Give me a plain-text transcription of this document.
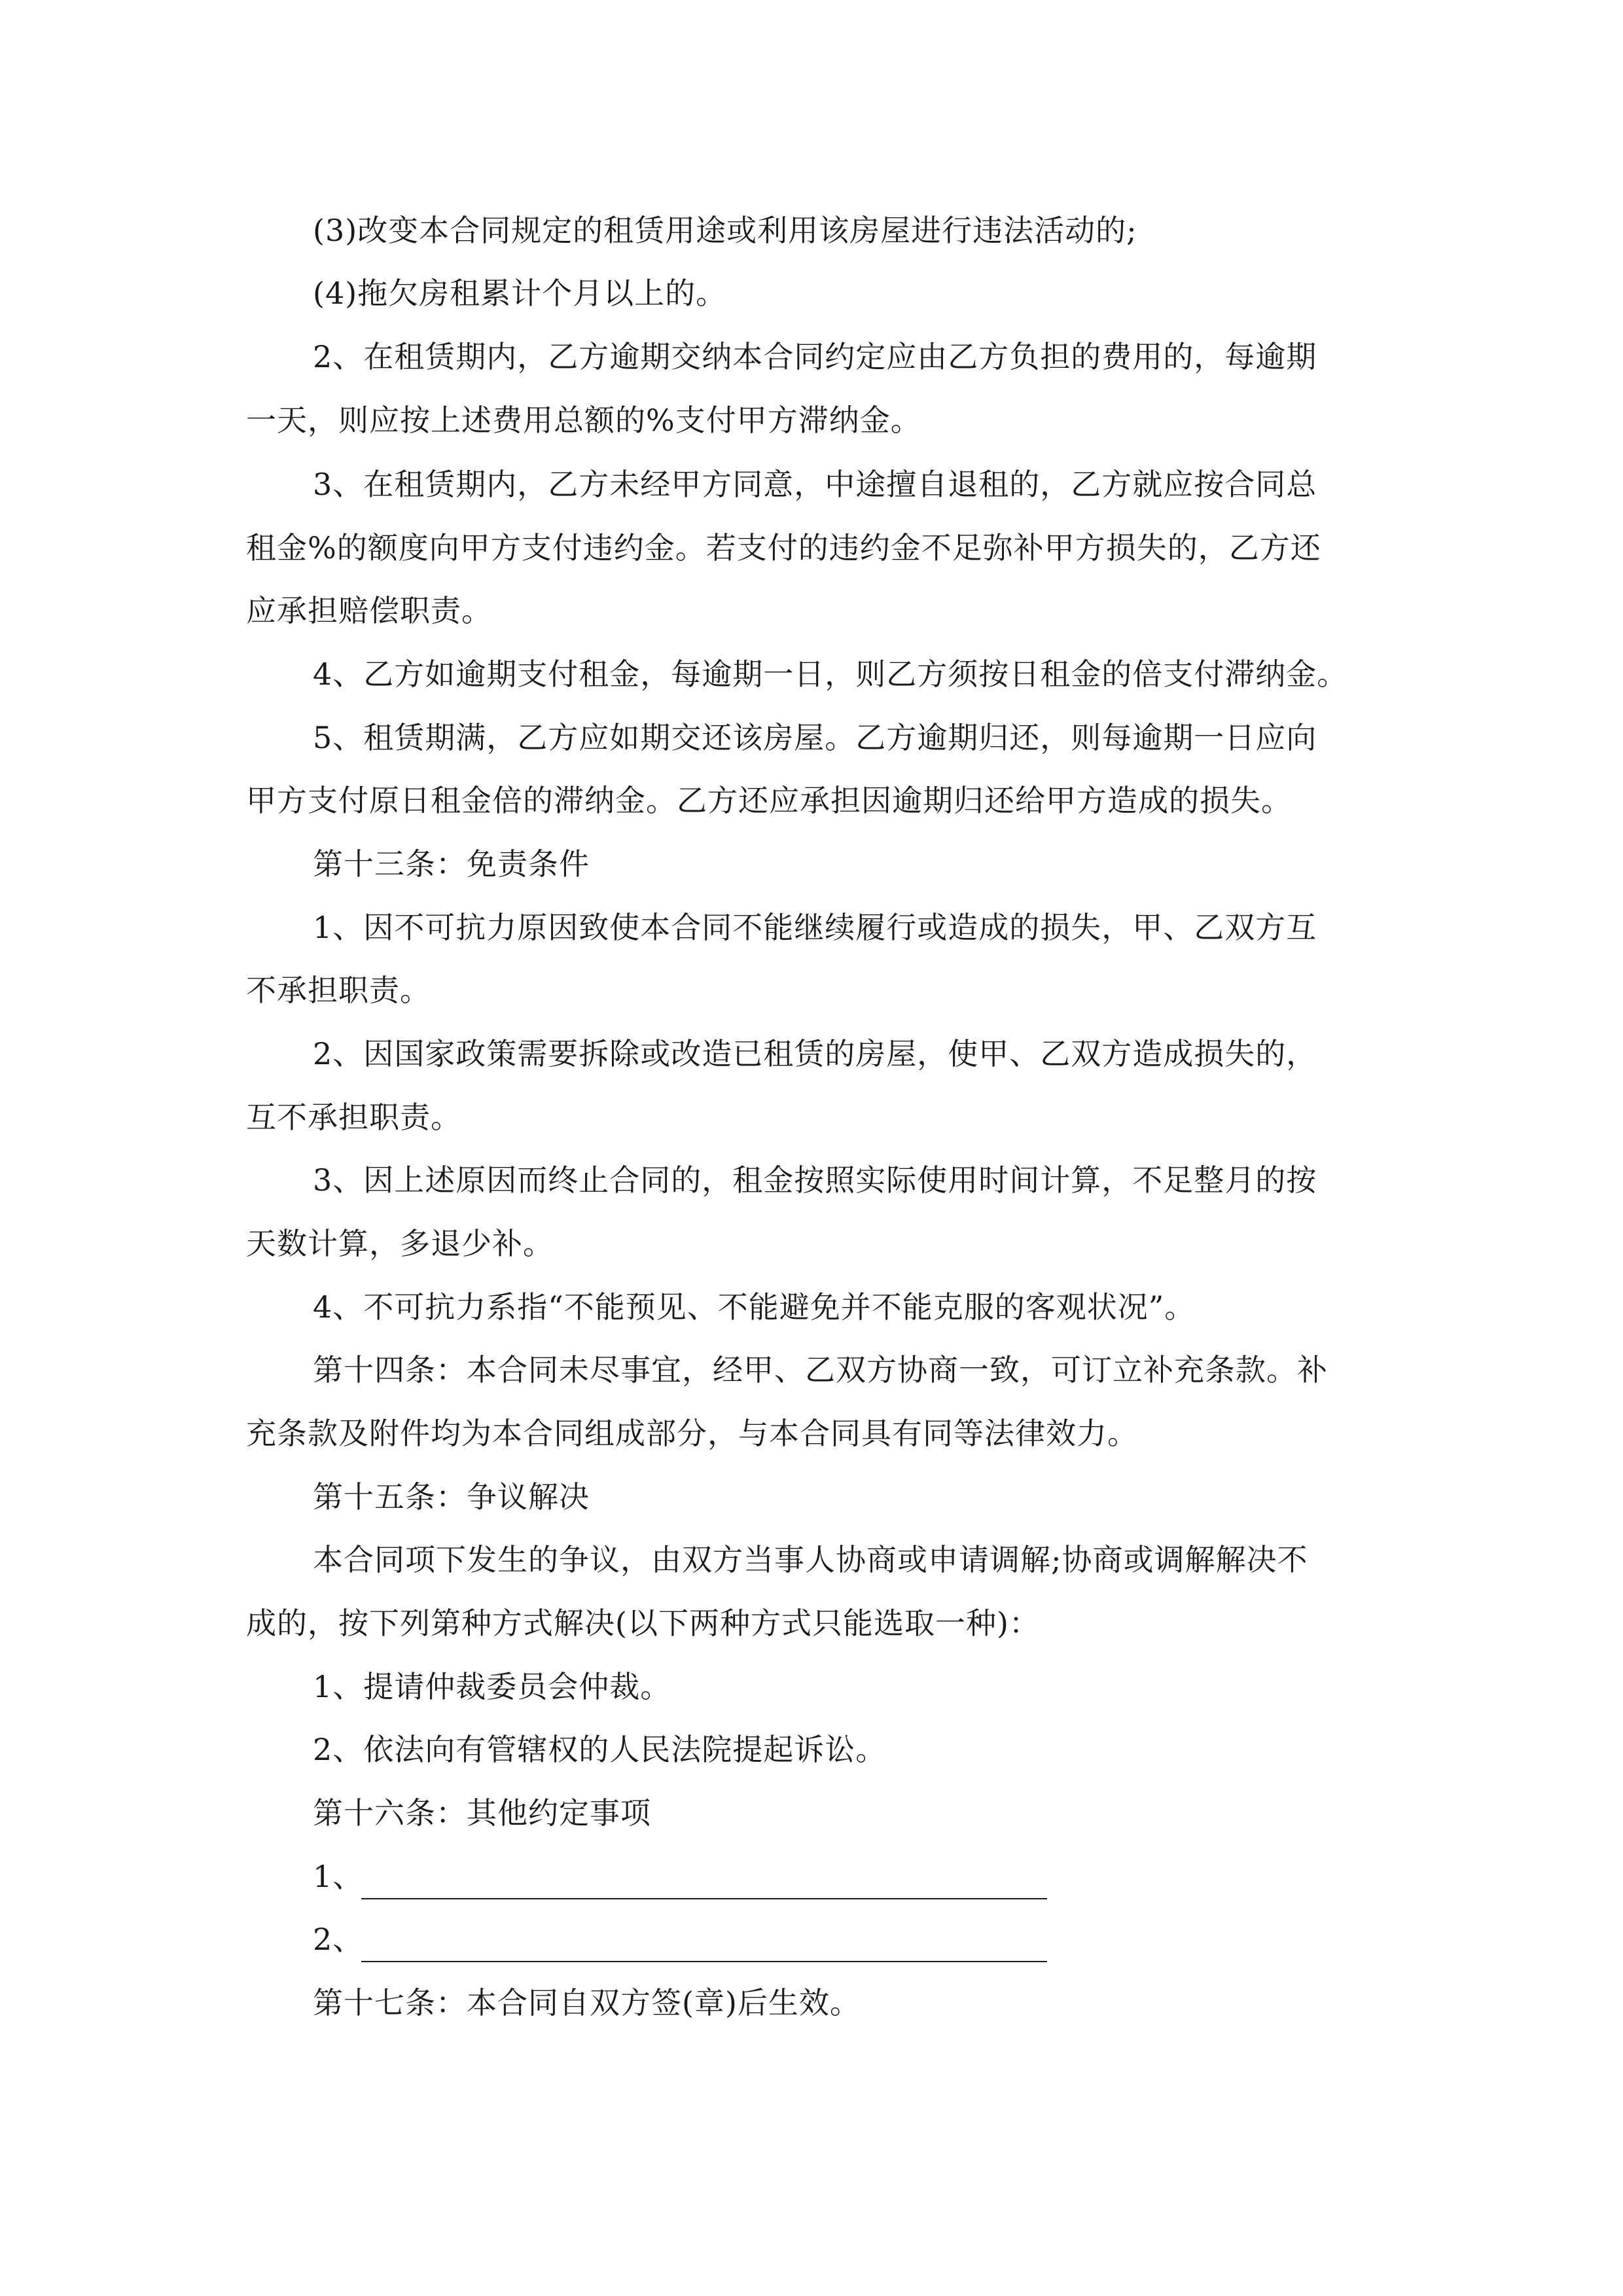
(3)改变本合同规定的租赁用途或利用该房屋进行违法活动的;
(4)拖欠房租累计个月以上的。
2、在租赁期内，乙方逾期交纳本合同约定应由乙方负担的费用的，每逾期
一天，则应按上述费用总额的%支付甲方滞纳金。
3、在租赁期内，乙方未经甲方同意，中途擅自退租的，乙方就应按合同总
租金%的额度向甲方支付违约金。若支付的违约金不足弥补甲方损失的，乙方还
应承担赔偿职责。
4、乙方如逾期支付租金，每逾期一日，则乙方须按日租金的倍支付滞纳金。
5、租赁期满，乙方应如期交还该房屋。乙方逾期归还，则每逾期一日应向
甲方支付原日租金倍的滞纳金。乙方还应承担因逾期归还给甲方造成的损失。
第十三条：免责条件
1、因不可抗力原因致使本合同不能继续履行或造成的损失，甲、乙双方互
不承担职责。
2、因国家政策需要拆除或改造已租赁的房屋，使甲、乙双方造成损失的，
互不承担职责。
3、因上述原因而终止合同的，租金按照实际使用时间计算，不足整月的按
天数计算，多退少补。
4、不可抗力系指“不能预见、不能避免并不能克服的客观状况”。
第十四条：本合同未尽事宜，经甲、乙双方协商一致，可订立补充条款。补
充条款及附件均为本合同组成部分，与本合同具有同等法律效力。
第十五条：争议解决
本合同项下发生的争议，由双方当事人协商或申请调解;协商或调解解决不
成的，按下列第种方式解决(以下两种方式只能选取一种)：
1、提请仲裁委员会仲裁。
2、依法向有管辖权的人民法院提起诉讼。
第十六条：其他约定事项
1、
2、
第十七条：本合同自双方签(章)后生效。
